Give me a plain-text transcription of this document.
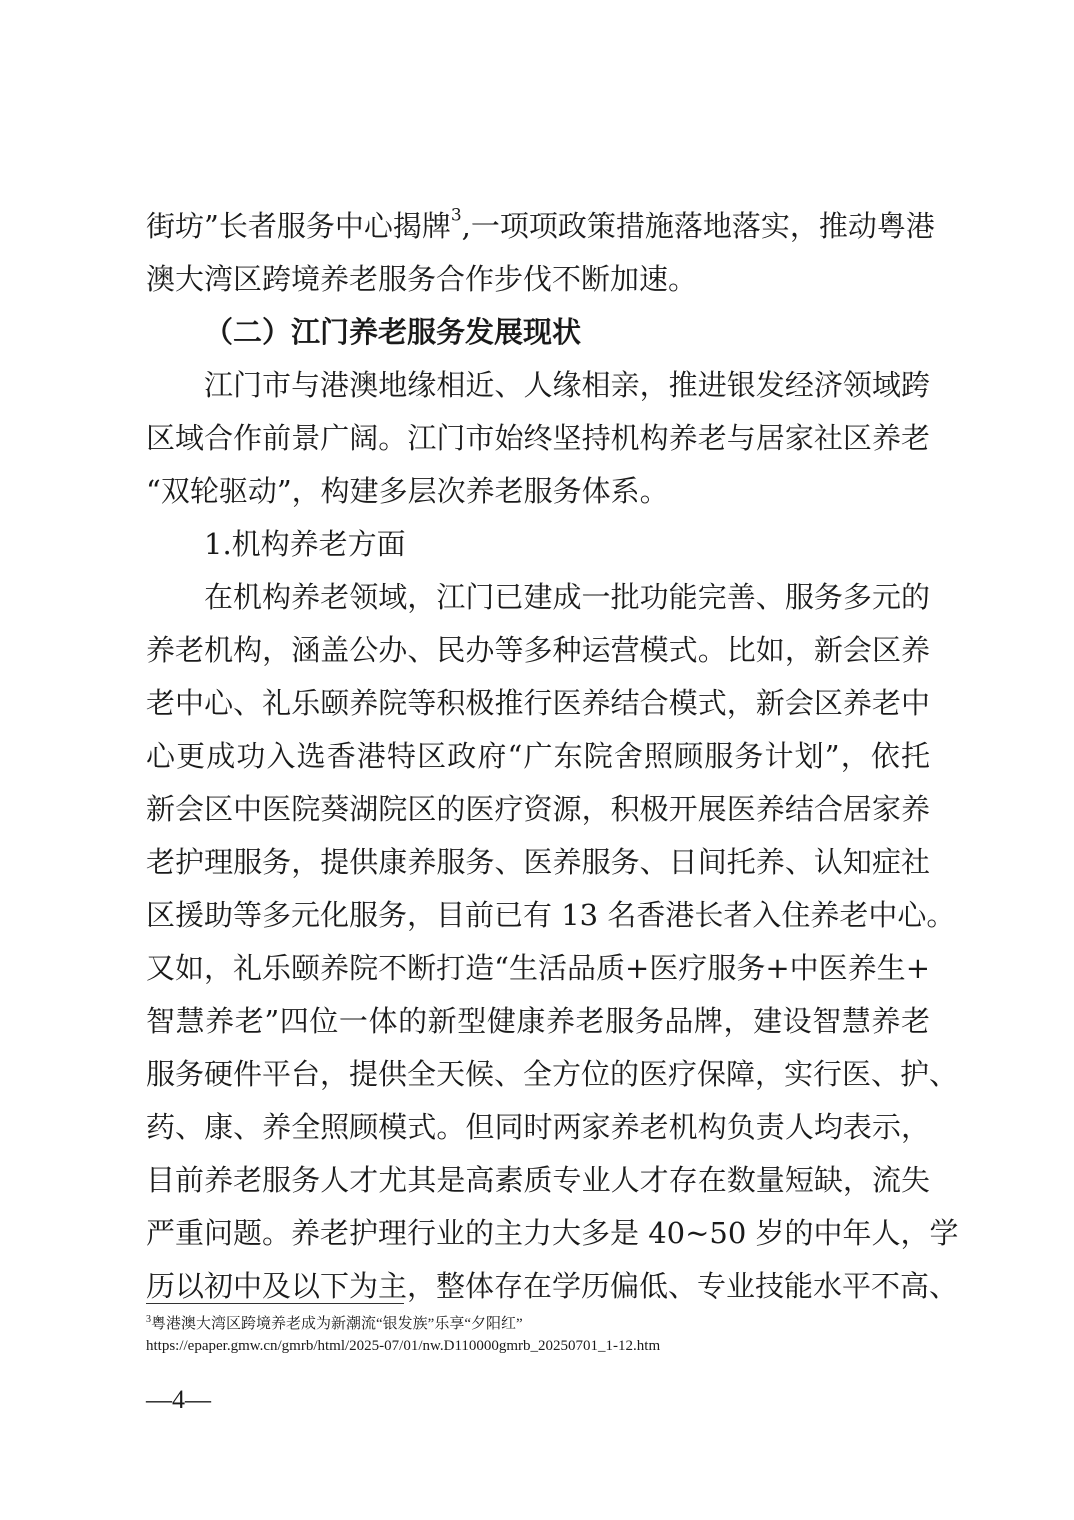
街坊”长者服务中心揭牌$^3$,一项项政策措施落地落实，推动粤港
澳大湾区跨境养老服务合作步伐不断加速。

（二）江门养老服务发展现状

江门市与港澳地缘相近、人缘相亲，推进银发经济领域跨
区域合作前景广阔。江门市始终坚持机构养老与居家社区养老
“双轮驱动”，构建多层次养老服务体系。

1.机构养老方面

在机构养老领域，江门已建成一批功能完善、服务多元的
养老机构，涵盖公办、民办等多种运营模式。比如，新会区养
老中心、礼乐颐养院等积极推行医养结合模式，新会区养老中
心更成功入选香港特区政府“广东院舍照顾服务计划”，依托
新会区中医院葵湖院区的医疗资源，积极开展医养结合居家养
老护理服务，提供康养服务、医养服务、日间托养、认知症社
区援助等多元化服务，目前已有 13 名香港长者入住养老中心。
又如，礼乐颐养院不断打造“生活品质+医疗服务+中医养生+
智慧养老”四位一体的新型健康养老服务品牌，建设智慧养老
服务硬件平台，提供全天候、全方位的医疗保障，实行医、护、
药、康、养全照顾模式。但同时两家养老机构负责人均表示，
目前养老服务人才尤其是高素质专业人才存在数量短缺，流失
严重问题。养老护理行业的主力大多是 40~50 岁的中年人，学
历以初中及以下为主，整体存在学历偏低、专业技能水平不高、

$^3$粤港澳大湾区跨境养老成为新潮流“银发族”乐享“夕阳红”
https://epaper.gmw.cn/gmrb/html/2025-07/01/nw.D110000gmrb_20250701_1-12.htm
—4—
